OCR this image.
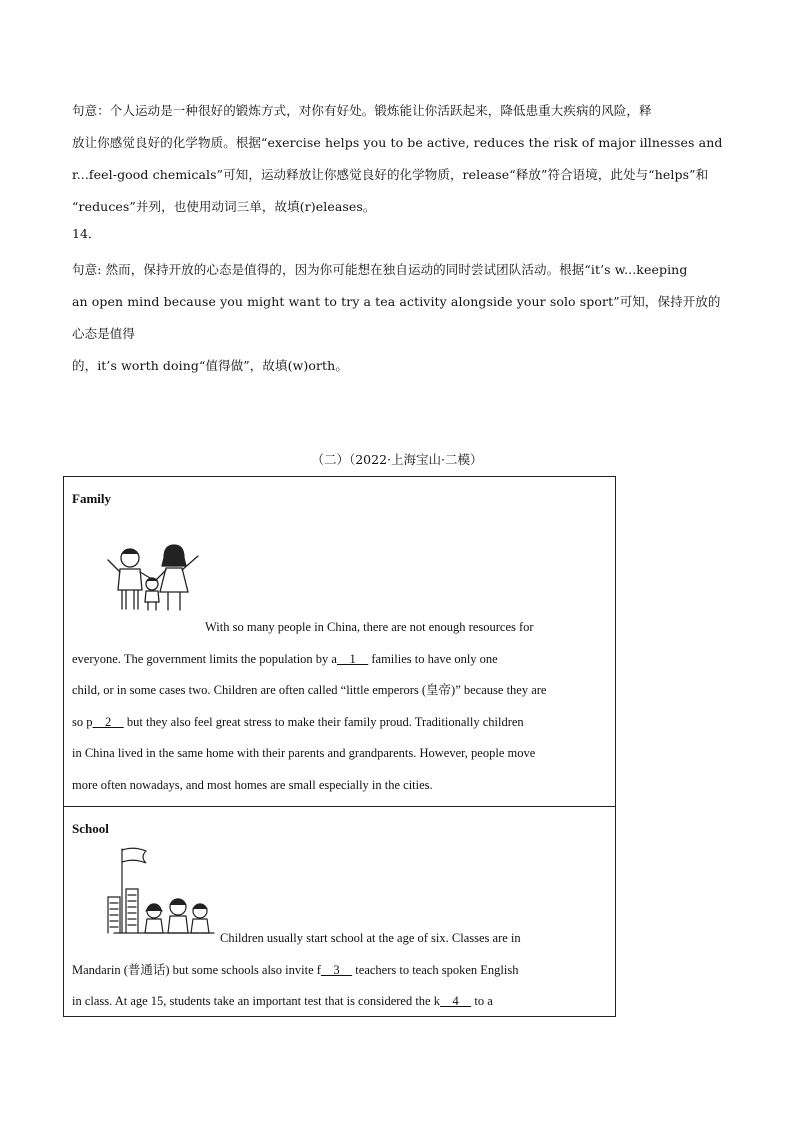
句意：个人运动是一种很好的锻炼方式，对你有好处。锻炼能让你活跃起来，降低患重大疾病的风险，释
放让你感觉良好的化学物质。根据“exercise helps you to be active, reduces the risk of major illnesses and
r...feel-good chemicals”可知，运动释放让你感觉良好的化学物质，release“释放”符合语境，此处与“helps”和
“reduces”并列，也使用动词三单，故填(r)eleases。
14．
句意: 然而，保持开放的心态是值得的，因为你可能想在独自运动的同时尝试团队活动。根据“it’s w...keeping
an open mind because you might want to try a tea activity alongside your solo sport”可知，保持开放的心态是值得
的，it’s worth doing“值得做”，故填(w)orth。
（二）（2022·上海宝山·二模）
Family
With so many people in China, there are not enough resources for
everyone. The government limits the population by a    1     families to have only one
child, or in some cases two. Children are often called “little emperors (皇帝)” because they are
so p    2     but they also feel great stress to make their family proud. Traditionally children
in China lived in the same home with their parents and grandparents. However, people move
more often nowadays, and most homes are small especially in the cities.
School
Children usually start school at the age of six. Classes are in
Mandarin (普通话) but some schools also invite f    3     teachers to teach spoken English
in class. At age 15, students take an important test that is considered the k    4     to a
